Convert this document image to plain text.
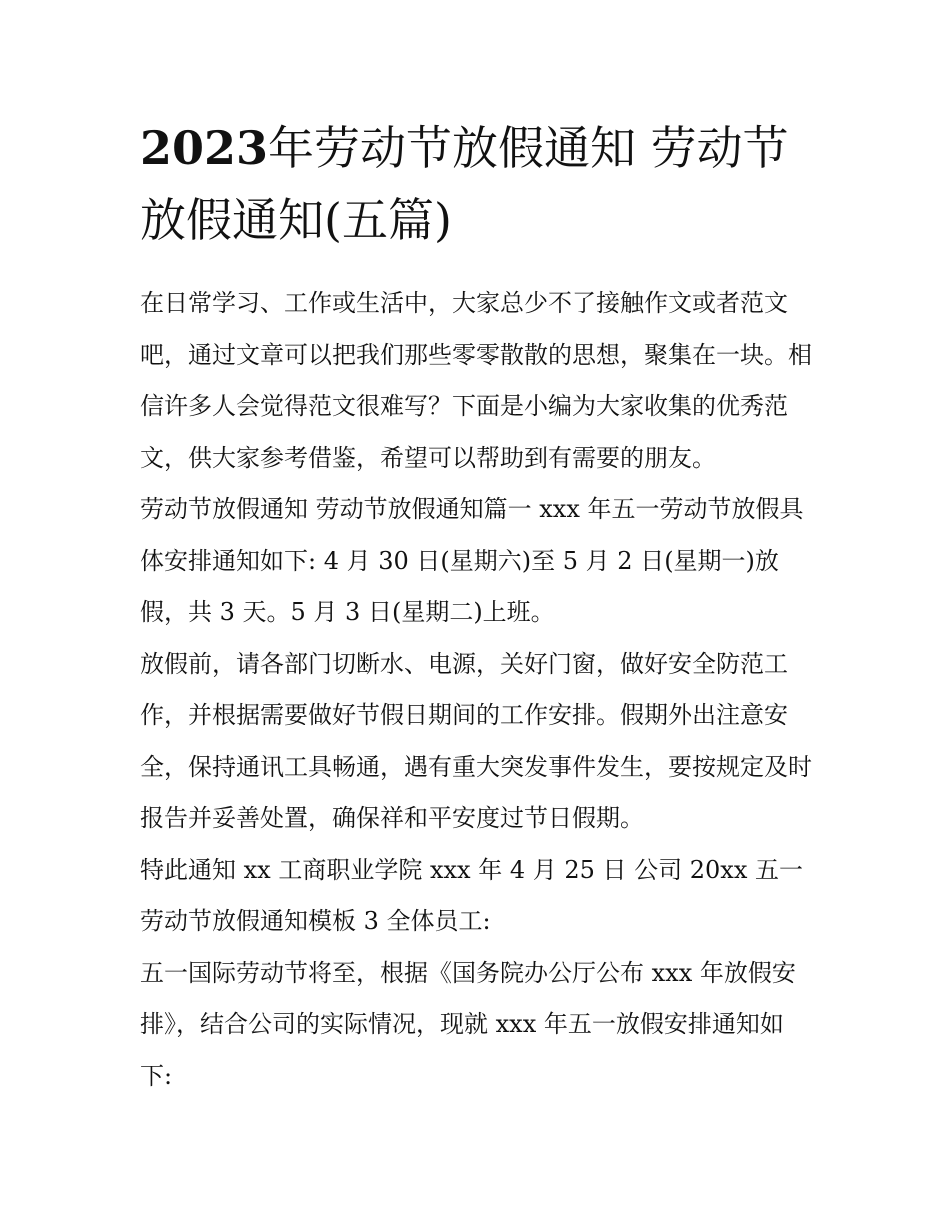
2023年劳动节放假通知 劳动节放假通知(五篇)

在日常学习、工作或生活中，大家总少不了接触作文或者范文吧，通过文章可以把我们那些零零散散的思想，聚集在一块。相信许多人会觉得范文很难写？下面是小编为大家收集的优秀范文，供大家参考借鉴，希望可以帮助到有需要的朋友。

劳动节放假通知 劳动节放假通知篇一 xxx 年五一劳动节放假具体安排通知如下: 4 月 30 日(星期六)至 5 月 2 日(星期一)放假，共 3 天。5 月 3 日(星期二)上班。

放假前，请各部门切断水、电源，关好门窗，做好安全防范工作，并根据需要做好节假日期间的工作安排。假期外出注意安全，保持通讯工具畅通，遇有重大突发事件发生，要按规定及时报告并妥善处置，确保祥和平安度过节日假期。

特此通知 xx 工商职业学院 xxx 年 4 月 25 日 公司 20xx 五一劳动节放假通知模板 3 全体员工:

五一国际劳动节将至，根据《国务院办公厅公布 xxx 年放假安排》，结合公司的实际情况，现就 xxx 年五一放假安排通知如下:
